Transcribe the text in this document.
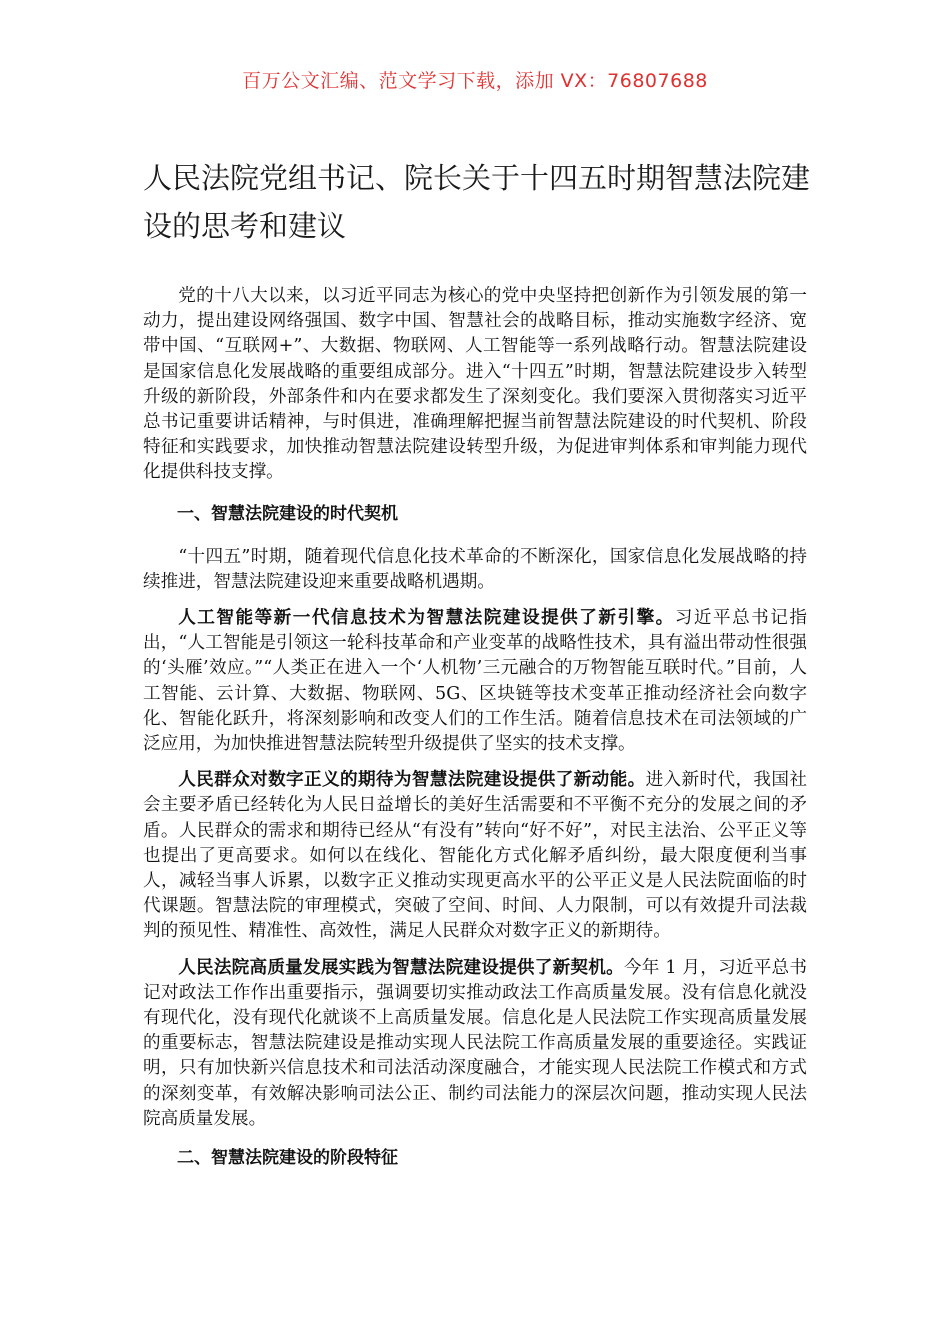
百万公文汇编、范文学习下载，添加 VX：76807688
人民法院党组书记、院长关于十四五时期智慧法院建设的思考和建议

党的十八大以来，以习近平同志为核心的党中央坚持把创新作为引领发展的第一动力，提出建设网络强国、数字中国、智慧社会的战略目标，推动实施数字经济、宽带中国、“互联网+”、大数据、物联网、人工智能等一系列战略行动。智慧法院建设是国家信息化发展战略的重要组成部分。进入“十四五”时期，智慧法院建设步入转型升级的新阶段，外部条件和内在要求都发生了深刻变化。我们要深入贯彻落实习近平总书记重要讲话精神，与时俱进，准确理解把握当前智慧法院建设的时代契机、阶段特征和实践要求，加快推动智慧法院建设转型升级，为促进审判体系和审判能力现代化提供科技支撑。

一、智慧法院建设的时代契机

“十四五”时期，随着现代信息化技术革命的不断深化，国家信息化发展战略的持续推进，智慧法院建设迎来重要战略机遇期。

人工智能等新一代信息技术为智慧法院建设提供了新引擎。习近平总书记指出，“人工智能是引领这一轮科技革命和产业变革的战略性技术，具有溢出带动性很强的‘头雁’效应。”“人类正在进入一个‘人机物’三元融合的万物智能互联时代。”目前，人工智能、云计算、大数据、物联网、5G、区块链等技术变革正推动经济社会向数字化、智能化跃升，将深刻影响和改变人们的工作生活。随着信息技术在司法领域的广泛应用，为加快推进智慧法院转型升级提供了坚实的技术支撑。

人民群众对数字正义的期待为智慧法院建设提供了新动能。进入新时代，我国社会主要矛盾已经转化为人民日益增长的美好生活需要和不平衡不充分的发展之间的矛盾。人民群众的需求和期待已经从“有没有”转向“好不好”，对民主法治、公平正义等也提出了更高要求。如何以在线化、智能化方式化解矛盾纠纷，最大限度便利当事人，减轻当事人诉累，以数字正义推动实现更高水平的公平正义是人民法院面临的时代课题。智慧法院的审理模式，突破了空间、时间、人力限制，可以有效提升司法裁判的预见性、精准性、高效性，满足人民群众对数字正义的新期待。

人民法院高质量发展实践为智慧法院建设提供了新契机。今年 1 月，习近平总书记对政法工作作出重要指示，强调要切实推动政法工作高质量发展。没有信息化就没有现代化，没有现代化就谈不上高质量发展。信息化是人民法院工作实现高质量发展的重要标志，智慧法院建设是推动实现人民法院工作高质量发展的重要途径。实践证明，只有加快新兴信息技术和司法活动深度融合，才能实现人民法院工作模式和方式的深刻变革，有效解决影响司法公正、制约司法能力的深层次问题，推动实现人民法院高质量发展。

二、智慧法院建设的阶段特征
